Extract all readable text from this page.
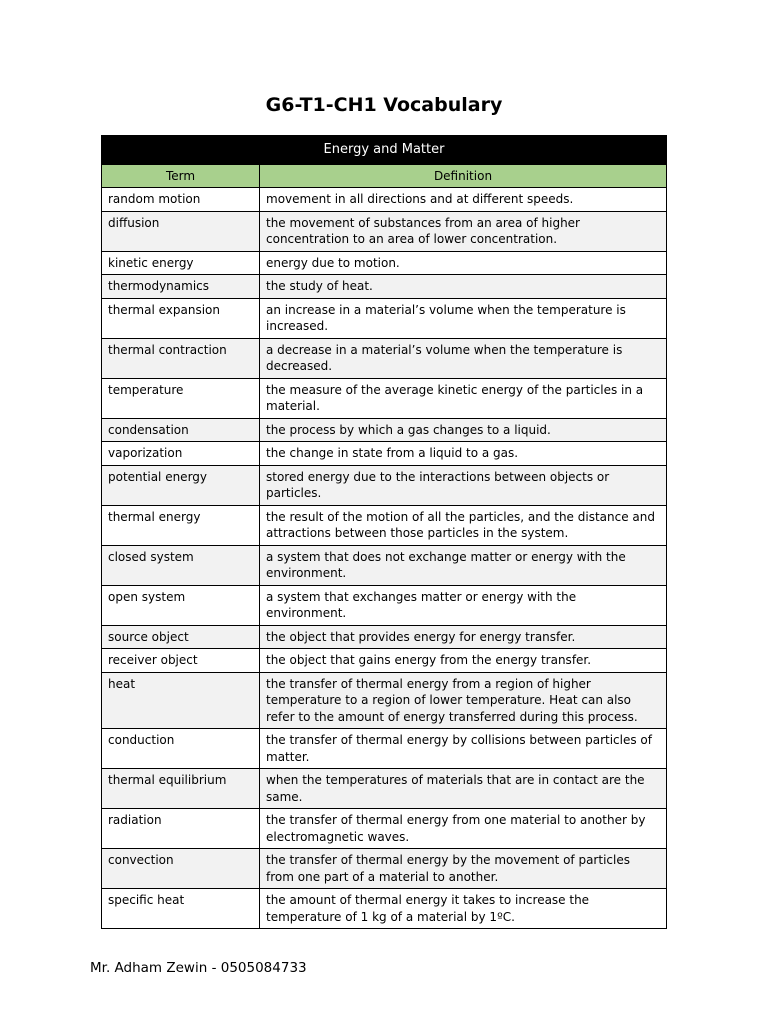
G6-T1-CH1 Vocabulary
Energy and Matter	
Term	Definition
random motion	movement in all directions and at different speeds.
diffusion	the movement of substances from an area of higher concentration to an area of lower concentration.
kinetic energy	energy due to motion.
thermodynamics	the study of heat.
thermal expansion	an increase in a material’s volume when the temperature is increased.
thermal contraction	a decrease in a material’s volume when the temperature is decreased.
temperature	the measure of the average kinetic energy of the particles in a material.
condensation	the process by which a gas changes to a liquid.
vaporization	the change in state from a liquid to a gas.
potential energy	stored energy due to the interactions between objects or particles.
thermal energy	the result of the motion of all the particles, and the distance and attractions between those particles in the system.
closed system	a system that does not exchange matter or energy with the environment.
open system	a system that exchanges matter or energy with the environment.
source object	the object that provides energy for energy transfer.
receiver object	the object that gains energy from the energy transfer.
heat	the transfer of thermal energy from a region of higher temperature to a region of lower temperature. Heat can also refer to the amount of energy transferred during this process.
conduction	the transfer of thermal energy by collisions between particles of matter.
thermal equilibrium	when the temperatures of materials that are in contact are the same.
radiation	the transfer of thermal energy from one material to another by electromagnetic waves.
convection	the transfer of thermal energy by the movement of particles from one part of a material to another.
specific heat	the amount of thermal energy it takes to increase the temperature of 1 kg of a material by 1ºC.
Mr. Adham Zewin - 0505084733
